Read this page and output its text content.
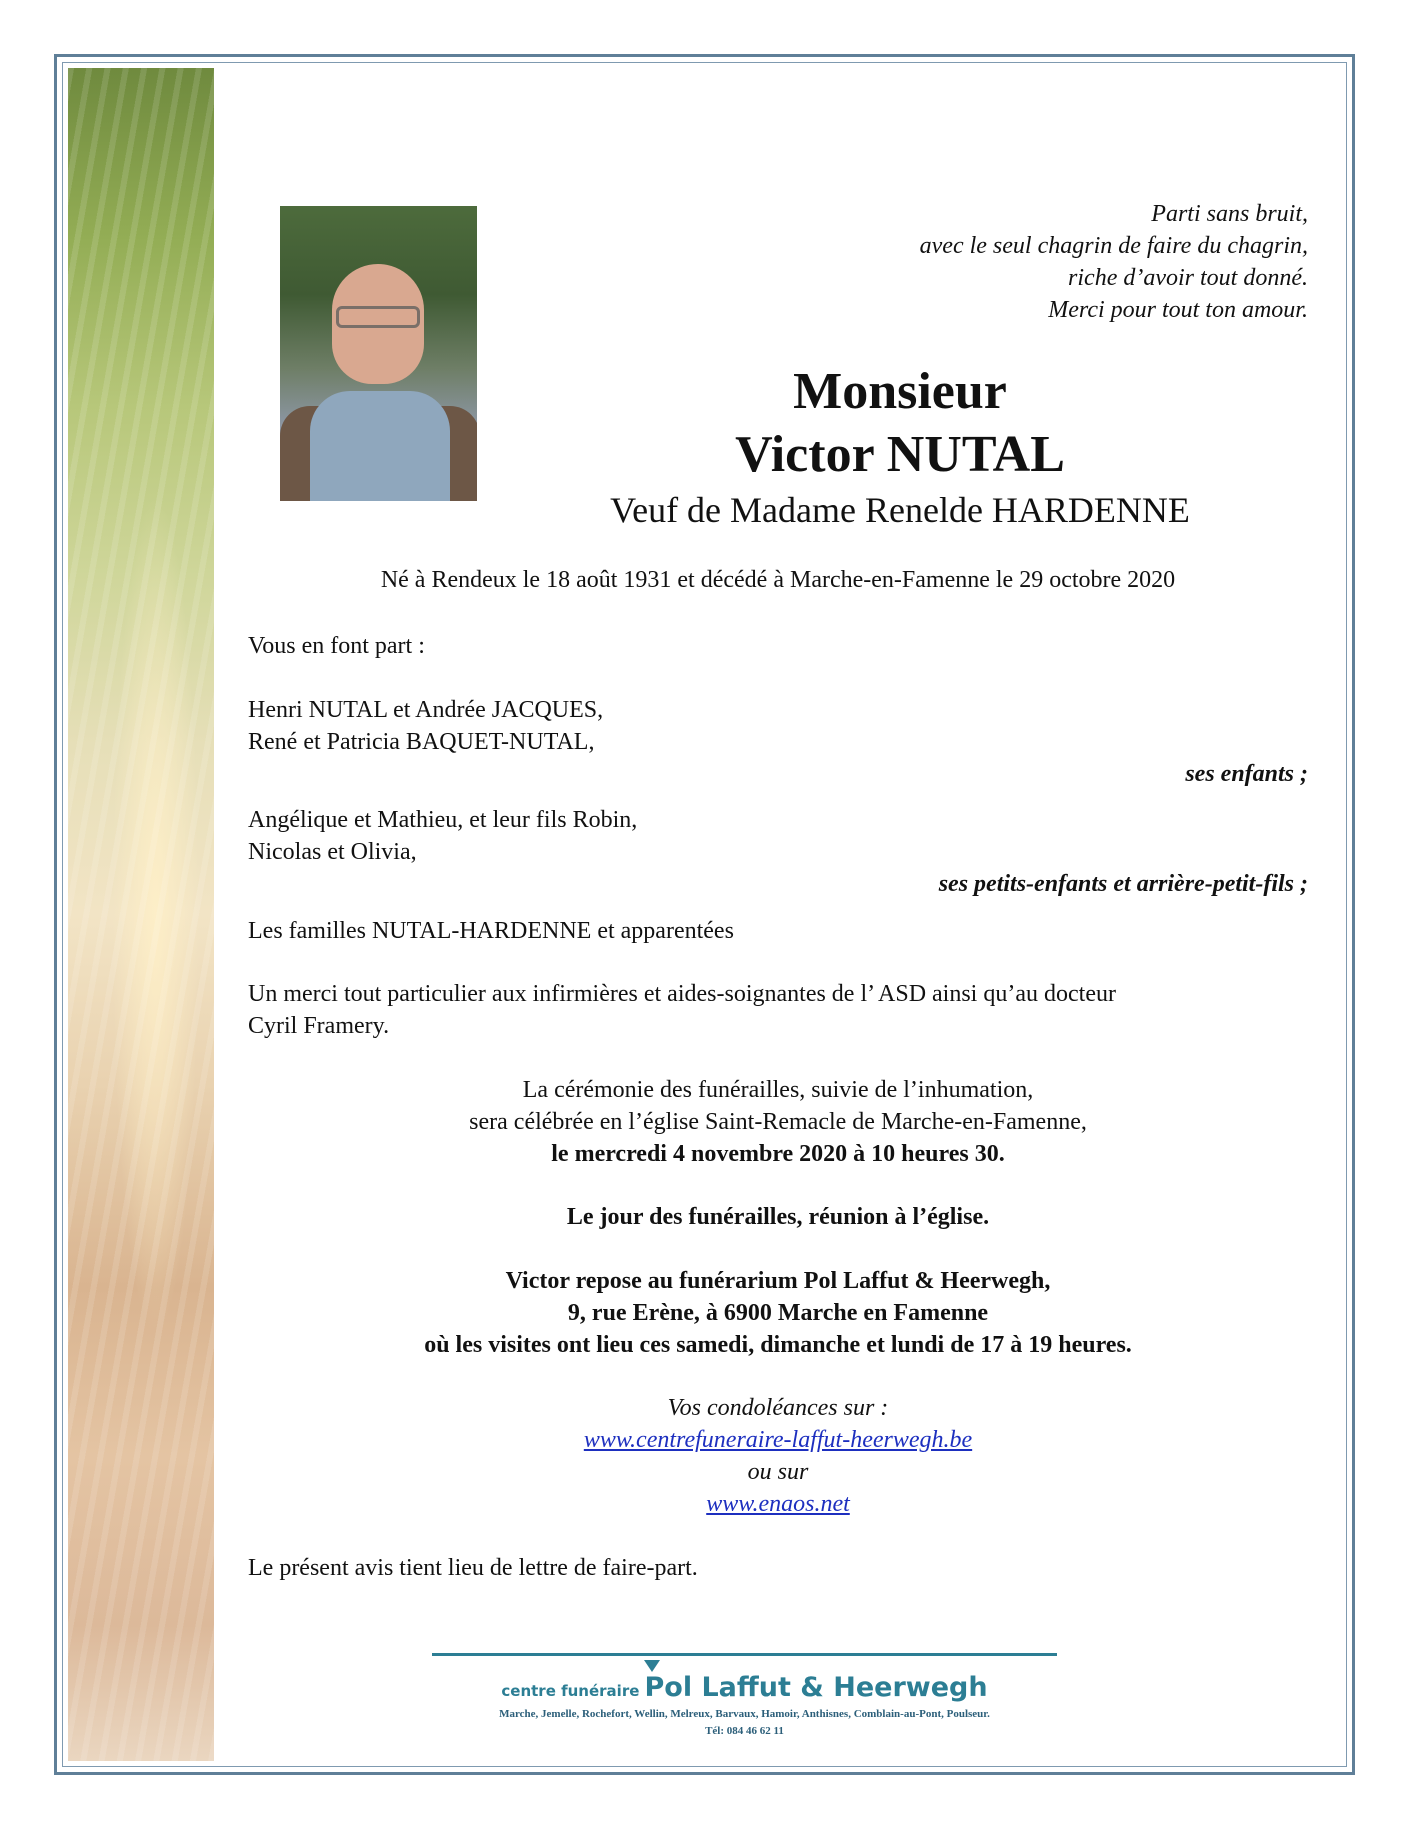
Parti sans bruit,
avec le seul chagrin de faire du chagrin,
riche d’avoir tout donné.
Merci pour tout ton amour.
Monsieur
Victor NUTAL
Veuf de Madame Renelde HARDENNE
Né à Rendeux le 18 août 1931 et décédé à Marche-en-Famenne le 29 octobre 2020
Vous en font part :
Henri NUTAL et Andrée JACQUES,
René et Patricia BAQUET-NUTAL,
ses enfants ;
Angélique et Mathieu, et leur fils Robin,
Nicolas et Olivia,
ses petits-enfants et arrière-petit-fils ;
Les familles NUTAL-HARDENNE et apparentées
Un merci tout particulier aux infirmières et aides-soignantes de l’ ASD ainsi qu’au docteur
Cyril Framery.
La cérémonie des funérailles, suivie de l’inhumation,
sera célébrée en l’église Saint-Remacle de Marche-en-Famenne,
le mercredi 4 novembre 2020 à 10 heures 30.
Le jour des funérailles, réunion à l’église.
Victor repose au funérarium Pol Laffut & Heerwegh,
9, rue Erène, à 6900 Marche en Famenne
où les visites ont lieu ces samedi, dimanche et lundi de 17 à 19 heures.
Vos condoléances sur :
www.centrefuneraire-laffut-heerwegh.be
ou sur
www.enaos.net
Le présent avis tient lieu de lettre de faire-part.
centre funéraire Pol Laffut & Heerwegh
Marche, Jemelle, Rochefort, Wellin, Melreux, Barvaux, Hamoir, Anthisnes, Comblain-au-Pont, Poulseur.
Tél: 084 46 62 11
